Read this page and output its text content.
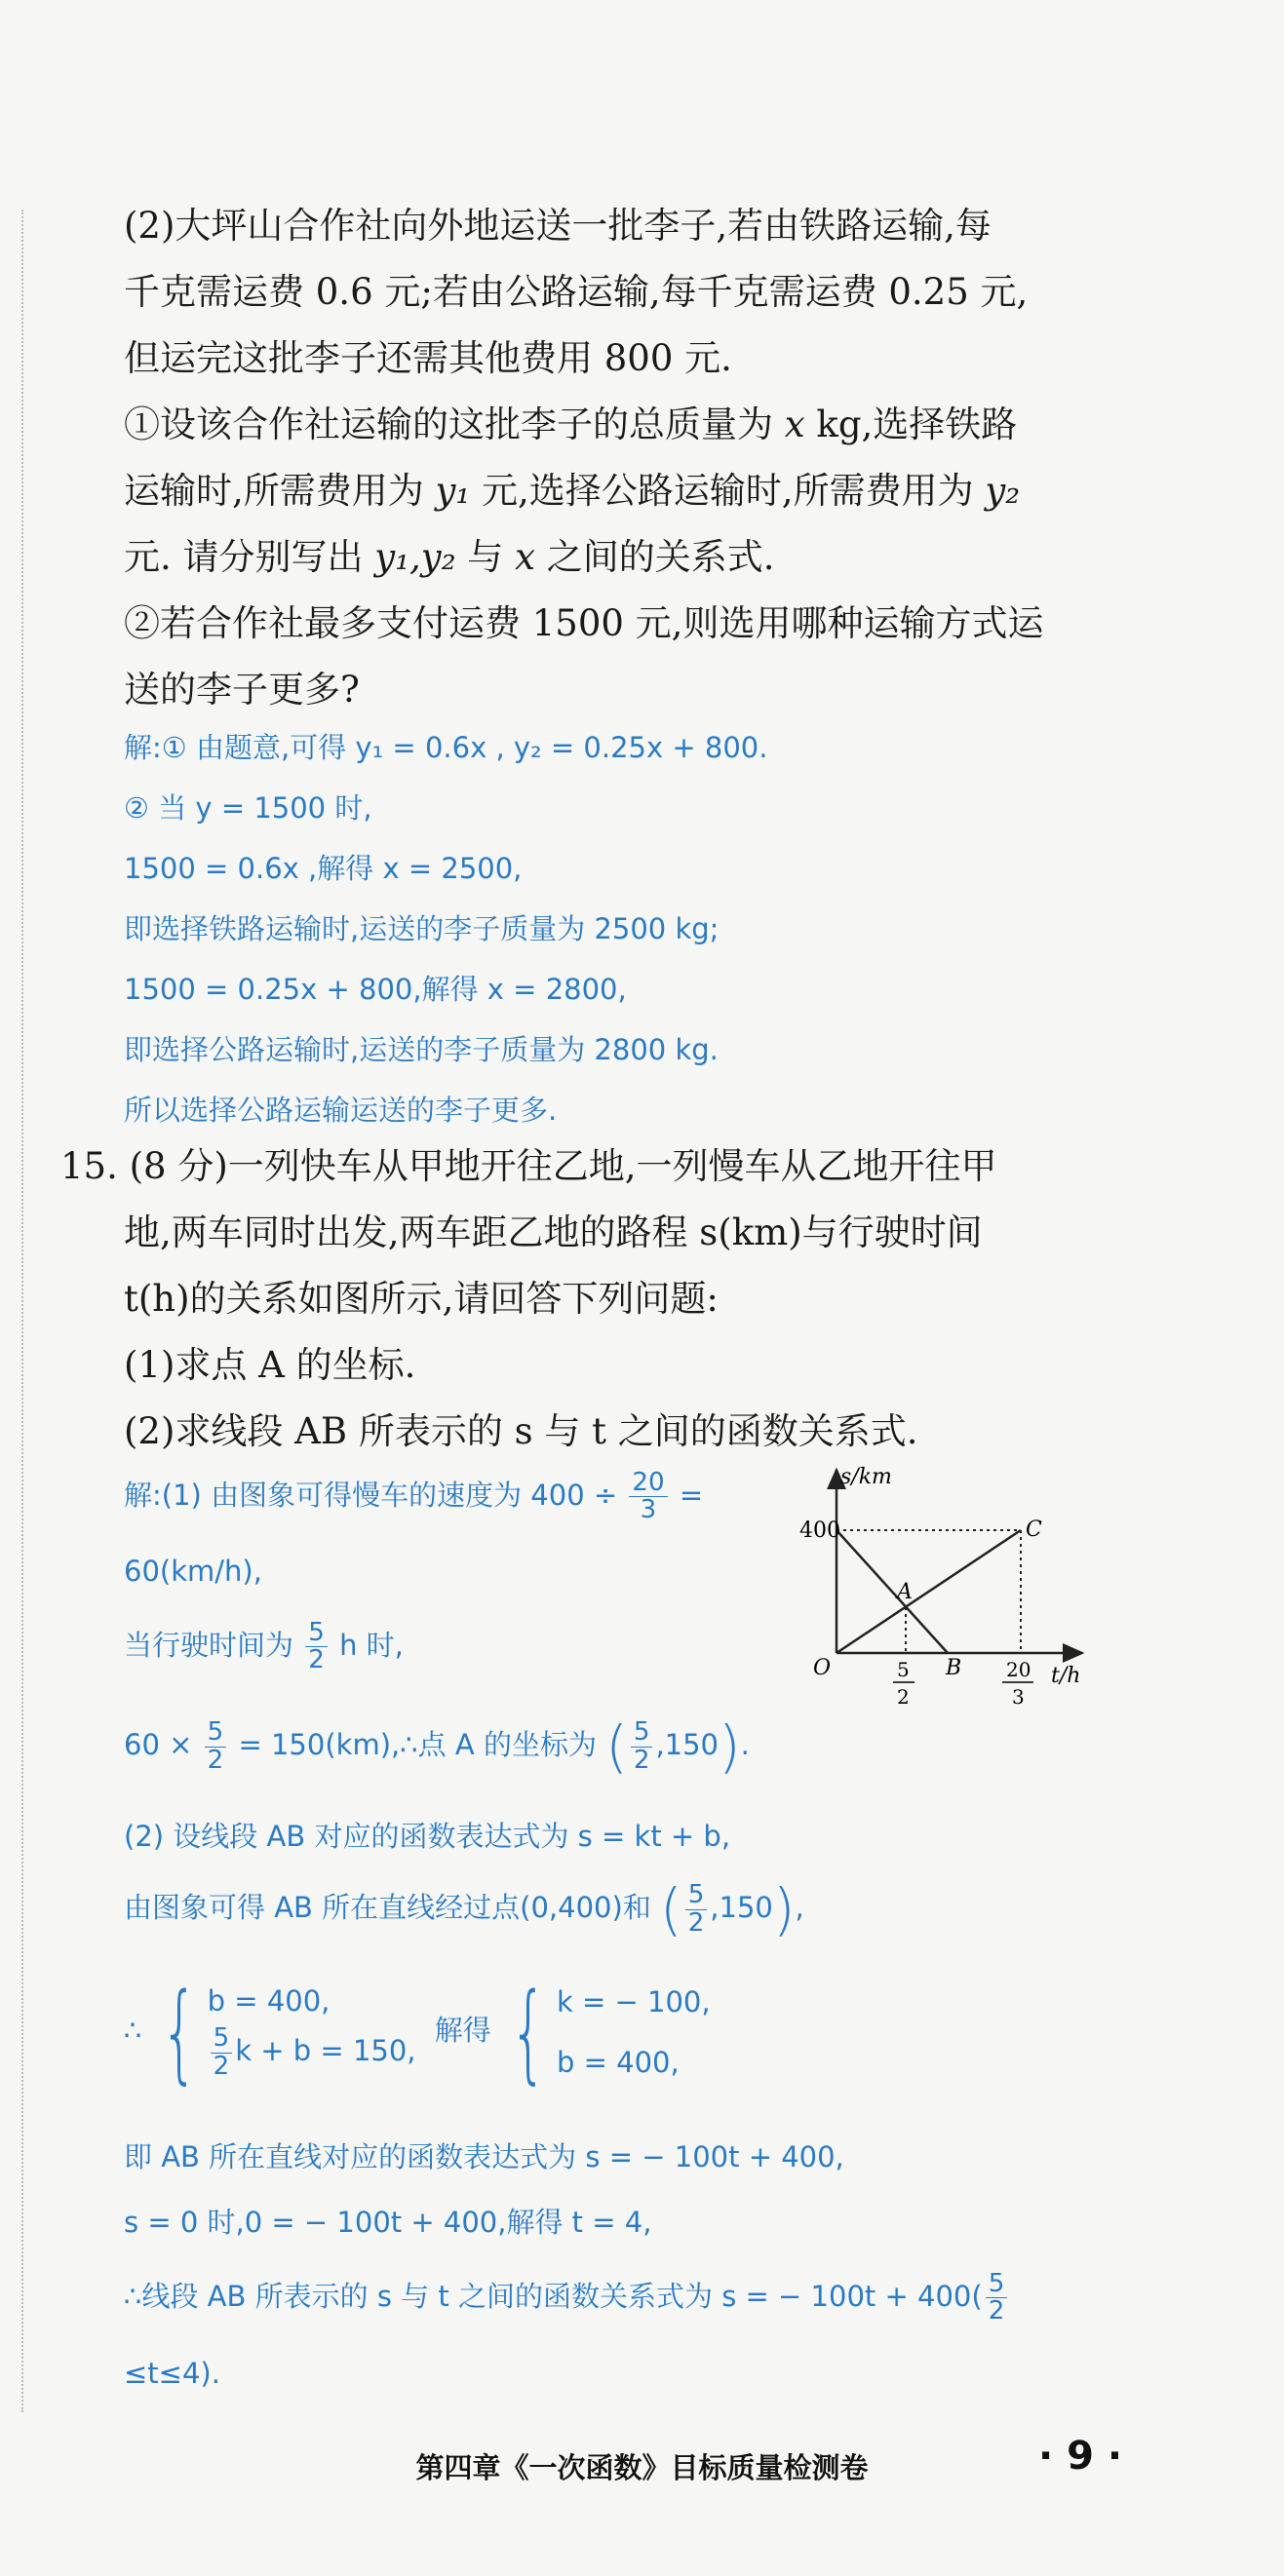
(2)大坪山合作社向外地运送一批李子,若由铁路运输,每
千克需运费 0.6 元;若由公路运输,每千克需运费 0.25 元,
但运完这批李子还需其他费用 800 元.
①设该合作社运输的这批李子的总质量为 x kg,选择铁路
运输时,所需费用为 y₁ 元,选择公路运输时,所需费用为 y₂
元. 请分别写出 y₁,y₂ 与 x 之间的关系式.
②若合作社最多支付运费 1500 元,则选用哪种运输方式运
送的李子更多?
解:① 由题意,可得 y₁ = 0.6x , y₂ = 0.25x + 800.
② 当 y = 1500 时,
1500 = 0.6x ,解得 x = 2500,
即选择铁路运输时,运送的李子质量为 2500 kg;
1500 = 0.25x + 800,解得 x = 2800,
即选择公路运输时,运送的李子质量为 2800 kg.
所以选择公路运输运送的李子更多.
15. (8 分)一列快车从甲地开往乙地,一列慢车从乙地开往甲
地,两车同时出发,两车距乙地的路程 s(km)与行驶时间
t(h)的关系如图所示,请回答下列问题:
(1)求点 A 的坐标.
(2)求线段 AB 所表示的 s 与 t 之间的函数关系式.
解:(1) 由图象可得慢车的速度为 $400 \div \frac{20}{3}$ =
60(km/h),
当行驶时间为 $\frac{5}{2}$ h 时,
$60 \times \frac{5}{2}$ = 150(km),∴点 A 的坐标为 ( $\frac{5}{2} ,150$).
(2) 设线段 AB 对应的函数表达式为 s = kt + b,
由图象可得 AB 所在直线经过点(0,400)和 ( $\frac{5}{2} ,150$),
∴ { b = 400,
$\frac{5}{2}$ k + b = 150,
解得 { k = − 100,
b = 400,
即 AB 所在直线对应的函数表达式为 s = − 100t + 400,
s = 0 时,0 = − 100t + 400,解得 t = 4,
∴线段 AB 所表示的 s 与 t 之间的函数关系式为 s = − $100t + 400( \frac{5}{2}$
≤t≤4).
s/km
400
O	t/h
5
2
20
3
A
B
C
第四章《一次函数》目标质量检测卷	· 9 ·
